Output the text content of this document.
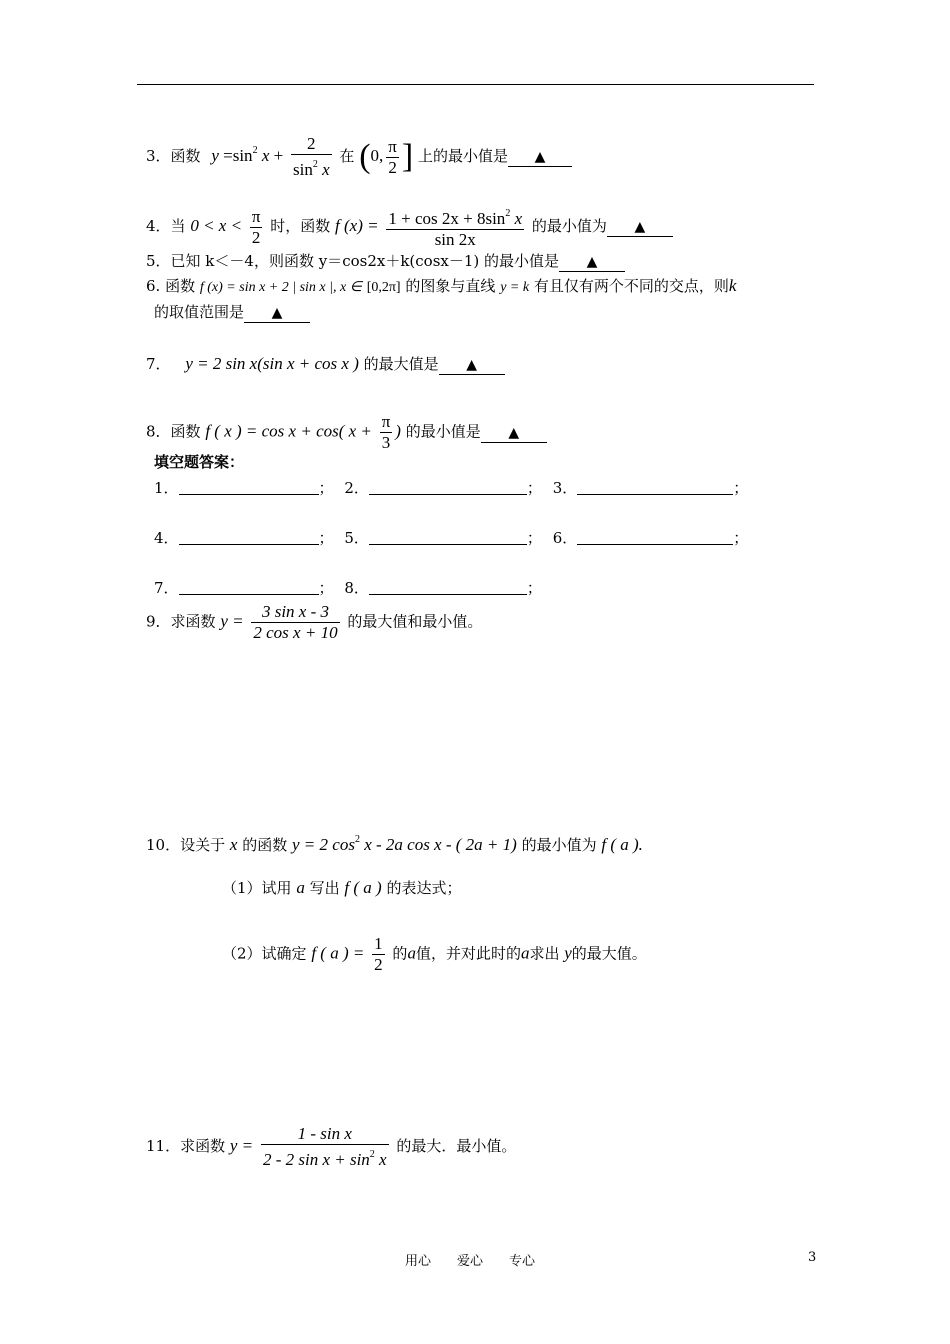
3．函数 $y =\sin^2$ $x + \frac{2}{\sin^2 x}$ 在 (0, $\frac{\pi}{2}$ ] 上的最小值是 ▲
4．当 $0 < x < \frac{\pi}{2}$ 时，函数 f $(x) = \frac{1 + \cos 2x + 8\sin^2 x}{\sin 2x}$ 的最小值为 ▲
5．已知 k＜－4，则函数 y＝cos2x＋k(cosx－1) 的最小值是 ▲
6. 函数 f (x) = sin x + 2 | sin x |, x ∈ [0,2π] 的图象与直线 y = k 有且仅有两个不同的交点，则k
的取值范围是 ▲
7． y = 2 sin x(sin x + cos x ) 的最大值是 ▲
8．函数 f ( x ) = cos x + cos( $x + \frac{\pi}{3}$ ) 的最小值是 ▲
填空题答案：
1．	； 2．	； 3．	；
4．	； 5．	； 6．	；
7．	； 8．	；
9．求函数 $y = \frac{\text{3 sin x - 3}}{\text{2 cos x + 10}}$ 的最大值和最小值。
10．设关于 x 的函数 y = 2 $\cos^2 x - 2a$ cos x - ( 2a + 1) 的最小值为 f ( a ).
（1）试用 a 写出 f ( a ) 的表达式；
（2）试确定 f ( a ) = $\frac{1}{2}$ 的a值，并对此时的a求出 y的最大值。
11．求函数 $y = \frac{\text{1 - sin x}}{2 - 2 \sin x + \sin^2 x}$ 的最大．最小值。
用心　　爱心　　专心	3
